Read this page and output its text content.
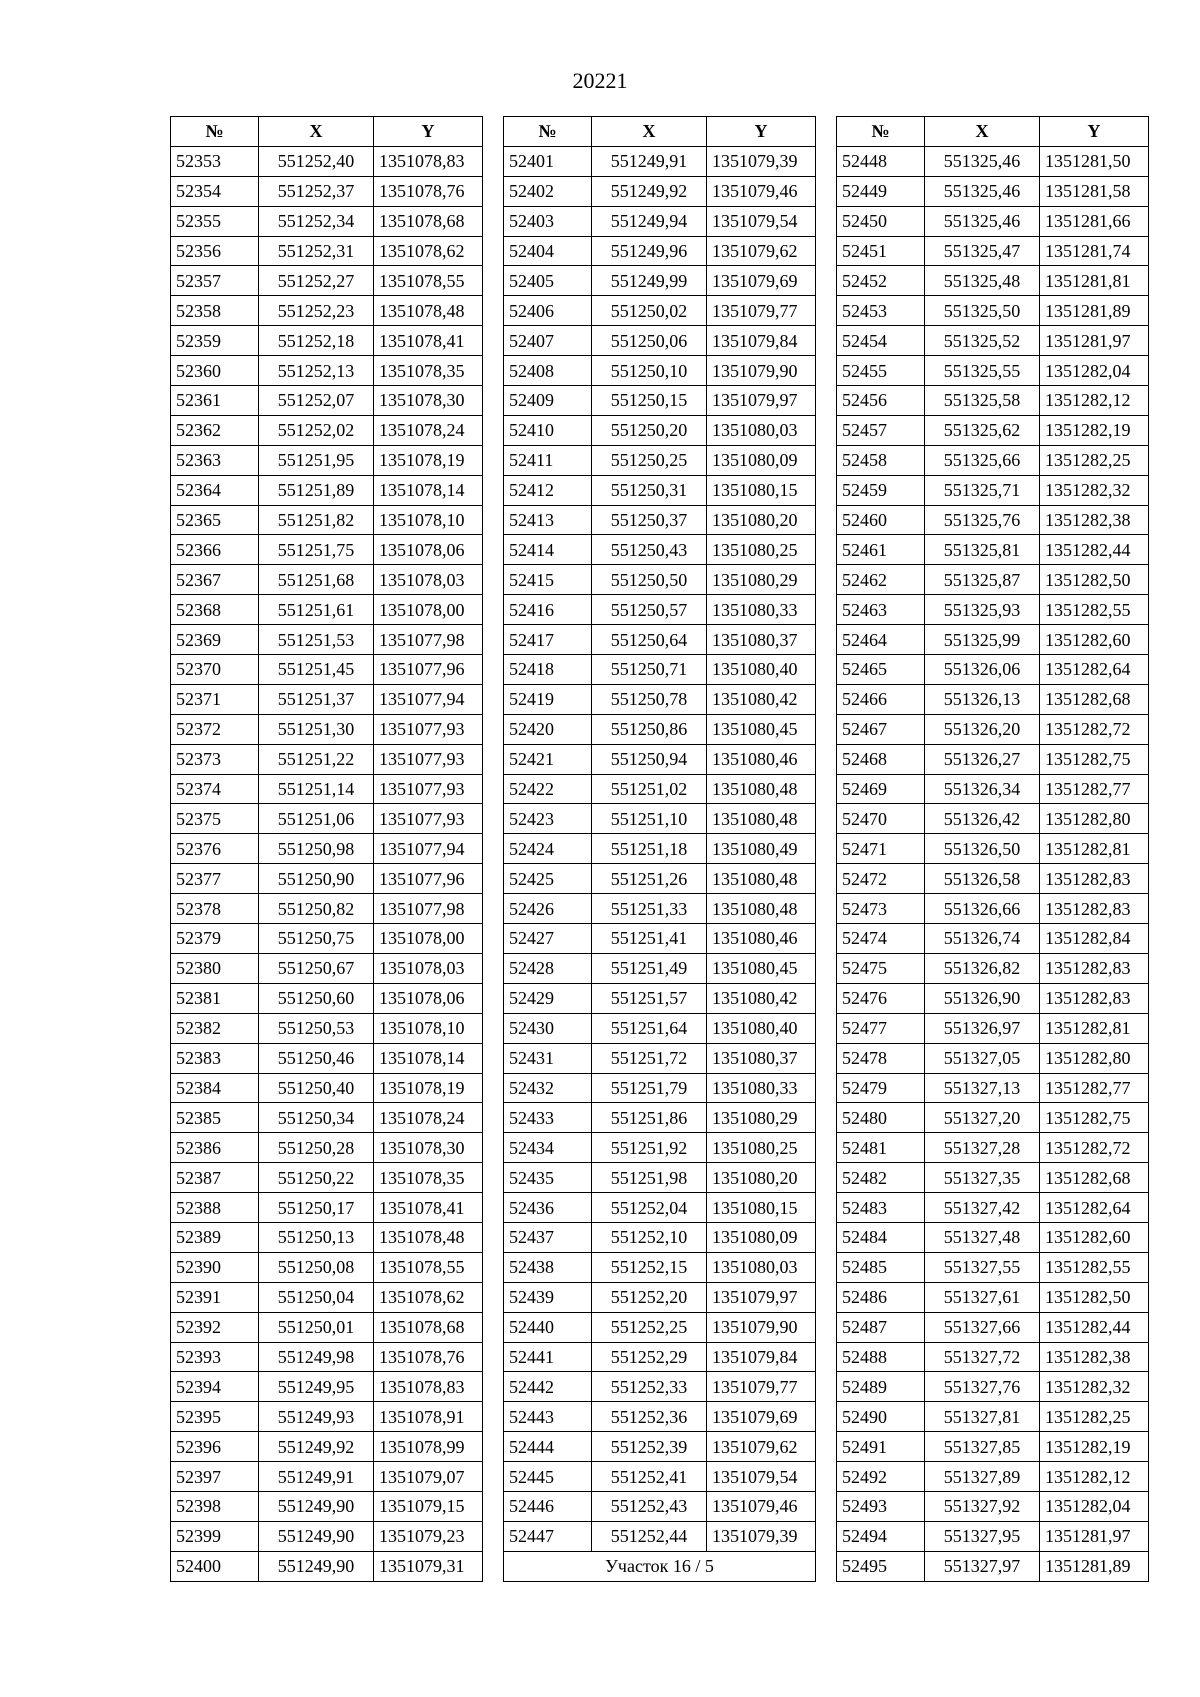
20221
№	X	Y
52353	551252,40	1351078,83
52354	551252,37	1351078,76
52355	551252,34	1351078,68
52356	551252,31	1351078,62
52357	551252,27	1351078,55
52358	551252,23	1351078,48
52359	551252,18	1351078,41
52360	551252,13	1351078,35
52361	551252,07	1351078,30
52362	551252,02	1351078,24
52363	551251,95	1351078,19
52364	551251,89	1351078,14
52365	551251,82	1351078,10
52366	551251,75	1351078,06
52367	551251,68	1351078,03
52368	551251,61	1351078,00
52369	551251,53	1351077,98
52370	551251,45	1351077,96
52371	551251,37	1351077,94
52372	551251,30	1351077,93
52373	551251,22	1351077,93
52374	551251,14	1351077,93
52375	551251,06	1351077,93
52376	551250,98	1351077,94
52377	551250,90	1351077,96
52378	551250,82	1351077,98
52379	551250,75	1351078,00
52380	551250,67	1351078,03
52381	551250,60	1351078,06
52382	551250,53	1351078,10
52383	551250,46	1351078,14
52384	551250,40	1351078,19
52385	551250,34	1351078,24
52386	551250,28	1351078,30
52387	551250,22	1351078,35
52388	551250,17	1351078,41
52389	551250,13	1351078,48
52390	551250,08	1351078,55
52391	551250,04	1351078,62
52392	551250,01	1351078,68
52393	551249,98	1351078,76
52394	551249,95	1351078,83
52395	551249,93	1351078,91
52396	551249,92	1351078,99
52397	551249,91	1351079,07
52398	551249,90	1351079,15
52399	551249,90	1351079,23
52400	551249,90	1351079,31
№	X	Y
52401	551249,91	1351079,39
52402	551249,92	1351079,46
52403	551249,94	1351079,54
52404	551249,96	1351079,62
52405	551249,99	1351079,69
52406	551250,02	1351079,77
52407	551250,06	1351079,84
52408	551250,10	1351079,90
52409	551250,15	1351079,97
52410	551250,20	1351080,03
52411	551250,25	1351080,09
52412	551250,31	1351080,15
52413	551250,37	1351080,20
52414	551250,43	1351080,25
52415	551250,50	1351080,29
52416	551250,57	1351080,33
52417	551250,64	1351080,37
52418	551250,71	1351080,40
52419	551250,78	1351080,42
52420	551250,86	1351080,45
52421	551250,94	1351080,46
52422	551251,02	1351080,48
52423	551251,10	1351080,48
52424	551251,18	1351080,49
52425	551251,26	1351080,48
52426	551251,33	1351080,48
52427	551251,41	1351080,46
52428	551251,49	1351080,45
52429	551251,57	1351080,42
52430	551251,64	1351080,40
52431	551251,72	1351080,37
52432	551251,79	1351080,33
52433	551251,86	1351080,29
52434	551251,92	1351080,25
52435	551251,98	1351080,20
52436	551252,04	1351080,15
52437	551252,10	1351080,09
52438	551252,15	1351080,03
52439	551252,20	1351079,97
52440	551252,25	1351079,90
52441	551252,29	1351079,84
52442	551252,33	1351079,77
52443	551252,36	1351079,69
52444	551252,39	1351079,62
52445	551252,41	1351079,54
52446	551252,43	1351079,46
52447	551252,44	1351079,39
Участок 16 / 5		
№	X	Y
52448	551325,46	1351281,50
52449	551325,46	1351281,58
52450	551325,46	1351281,66
52451	551325,47	1351281,74
52452	551325,48	1351281,81
52453	551325,50	1351281,89
52454	551325,52	1351281,97
52455	551325,55	1351282,04
52456	551325,58	1351282,12
52457	551325,62	1351282,19
52458	551325,66	1351282,25
52459	551325,71	1351282,32
52460	551325,76	1351282,38
52461	551325,81	1351282,44
52462	551325,87	1351282,50
52463	551325,93	1351282,55
52464	551325,99	1351282,60
52465	551326,06	1351282,64
52466	551326,13	1351282,68
52467	551326,20	1351282,72
52468	551326,27	1351282,75
52469	551326,34	1351282,77
52470	551326,42	1351282,80
52471	551326,50	1351282,81
52472	551326,58	1351282,83
52473	551326,66	1351282,83
52474	551326,74	1351282,84
52475	551326,82	1351282,83
52476	551326,90	1351282,83
52477	551326,97	1351282,81
52478	551327,05	1351282,80
52479	551327,13	1351282,77
52480	551327,20	1351282,75
52481	551327,28	1351282,72
52482	551327,35	1351282,68
52483	551327,42	1351282,64
52484	551327,48	1351282,60
52485	551327,55	1351282,55
52486	551327,61	1351282,50
52487	551327,66	1351282,44
52488	551327,72	1351282,38
52489	551327,76	1351282,32
52490	551327,81	1351282,25
52491	551327,85	1351282,19
52492	551327,89	1351282,12
52493	551327,92	1351282,04
52494	551327,95	1351281,97
52495	551327,97	1351281,89
